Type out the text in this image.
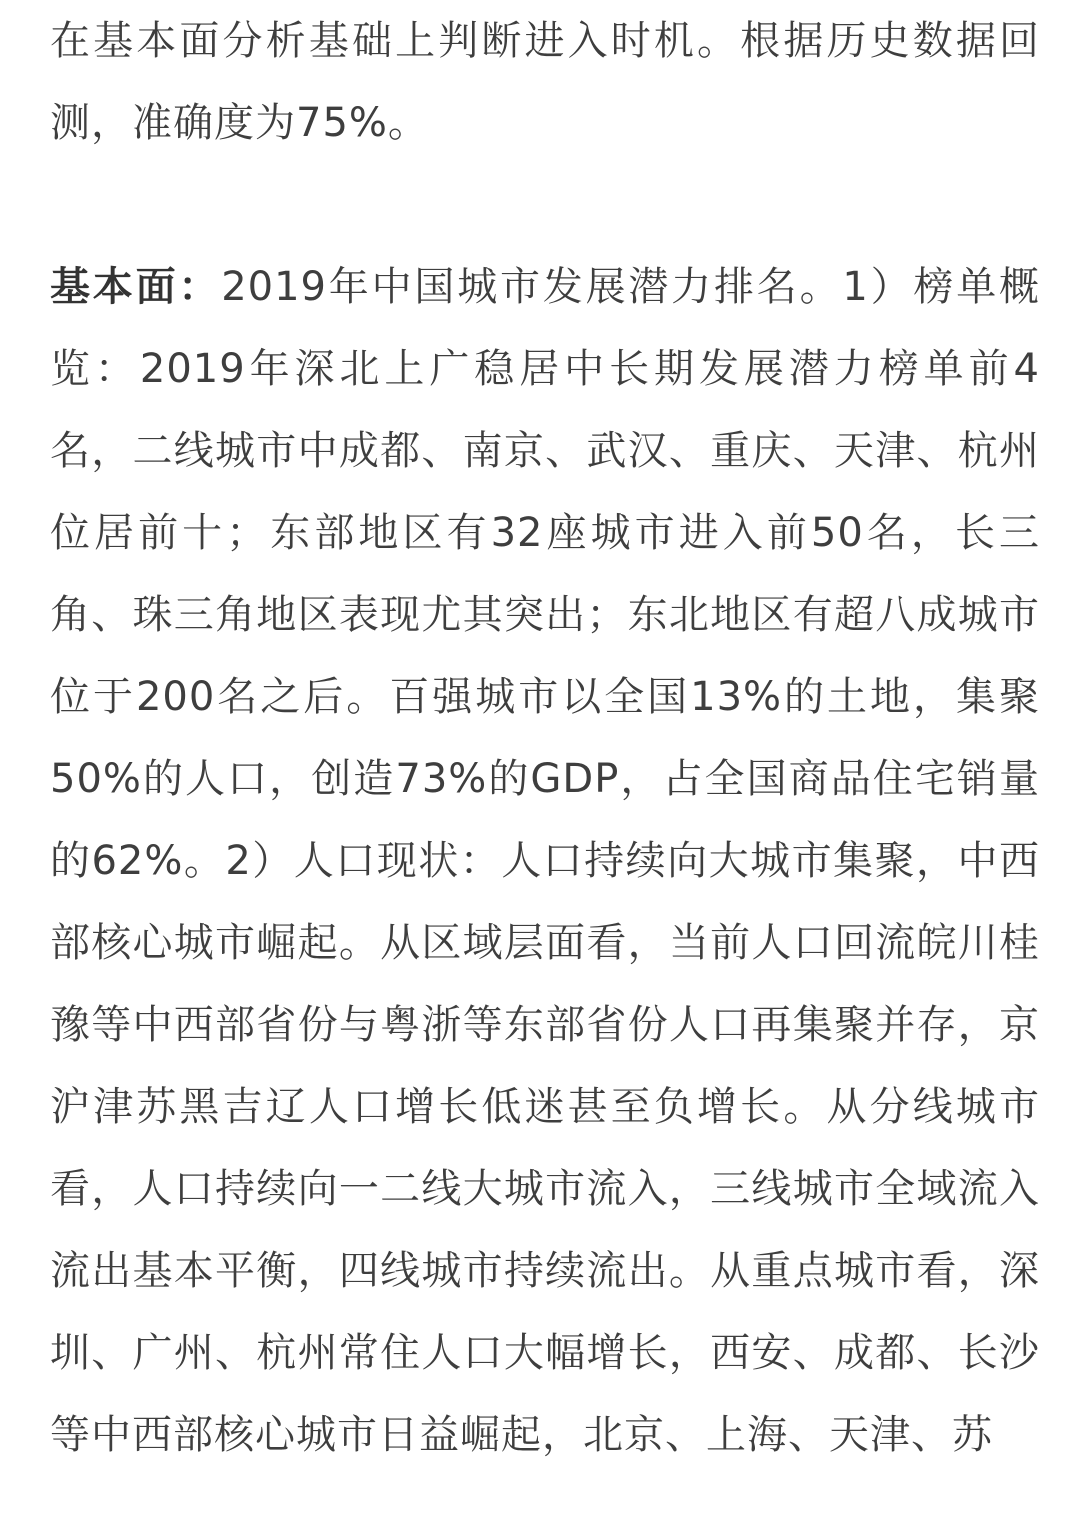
在基本面分析基础上判断进入时机。根据历史数据回测，准确度为75%。

基本面：2019年中国城市发展潜力排名。1）榜单概览：2019年深北上广稳居中长期发展潜力榜单前4名，二线城市中成都、南京、武汉、重庆、天津、杭州位居前十；东部地区有32座城市进入前50名，长三角、珠三角地区表现尤其突出；东北地区有超八成城市位于200名之后。百强城市以全国13%的土地，集聚50%的人口，创造73%的GDP，占全国商品住宅销量的62%。2）人口现状：人口持续向大城市集聚，中西部核心城市崛起。从区域层面看，当前人口回流皖川桂豫等中西部省份与粤浙等东部省份人口再集聚并存，京沪津苏黑吉辽人口增长低迷甚至负增长。从分线城市看，人口持续向一二线大城市流入，三线城市全域流入流出基本平衡，四线城市持续流出。从重点城市看，深圳、广州、杭州常住人口大幅增长，西安、成都、长沙等中西部核心城市日益崛起，北京、上海、天津、苏
